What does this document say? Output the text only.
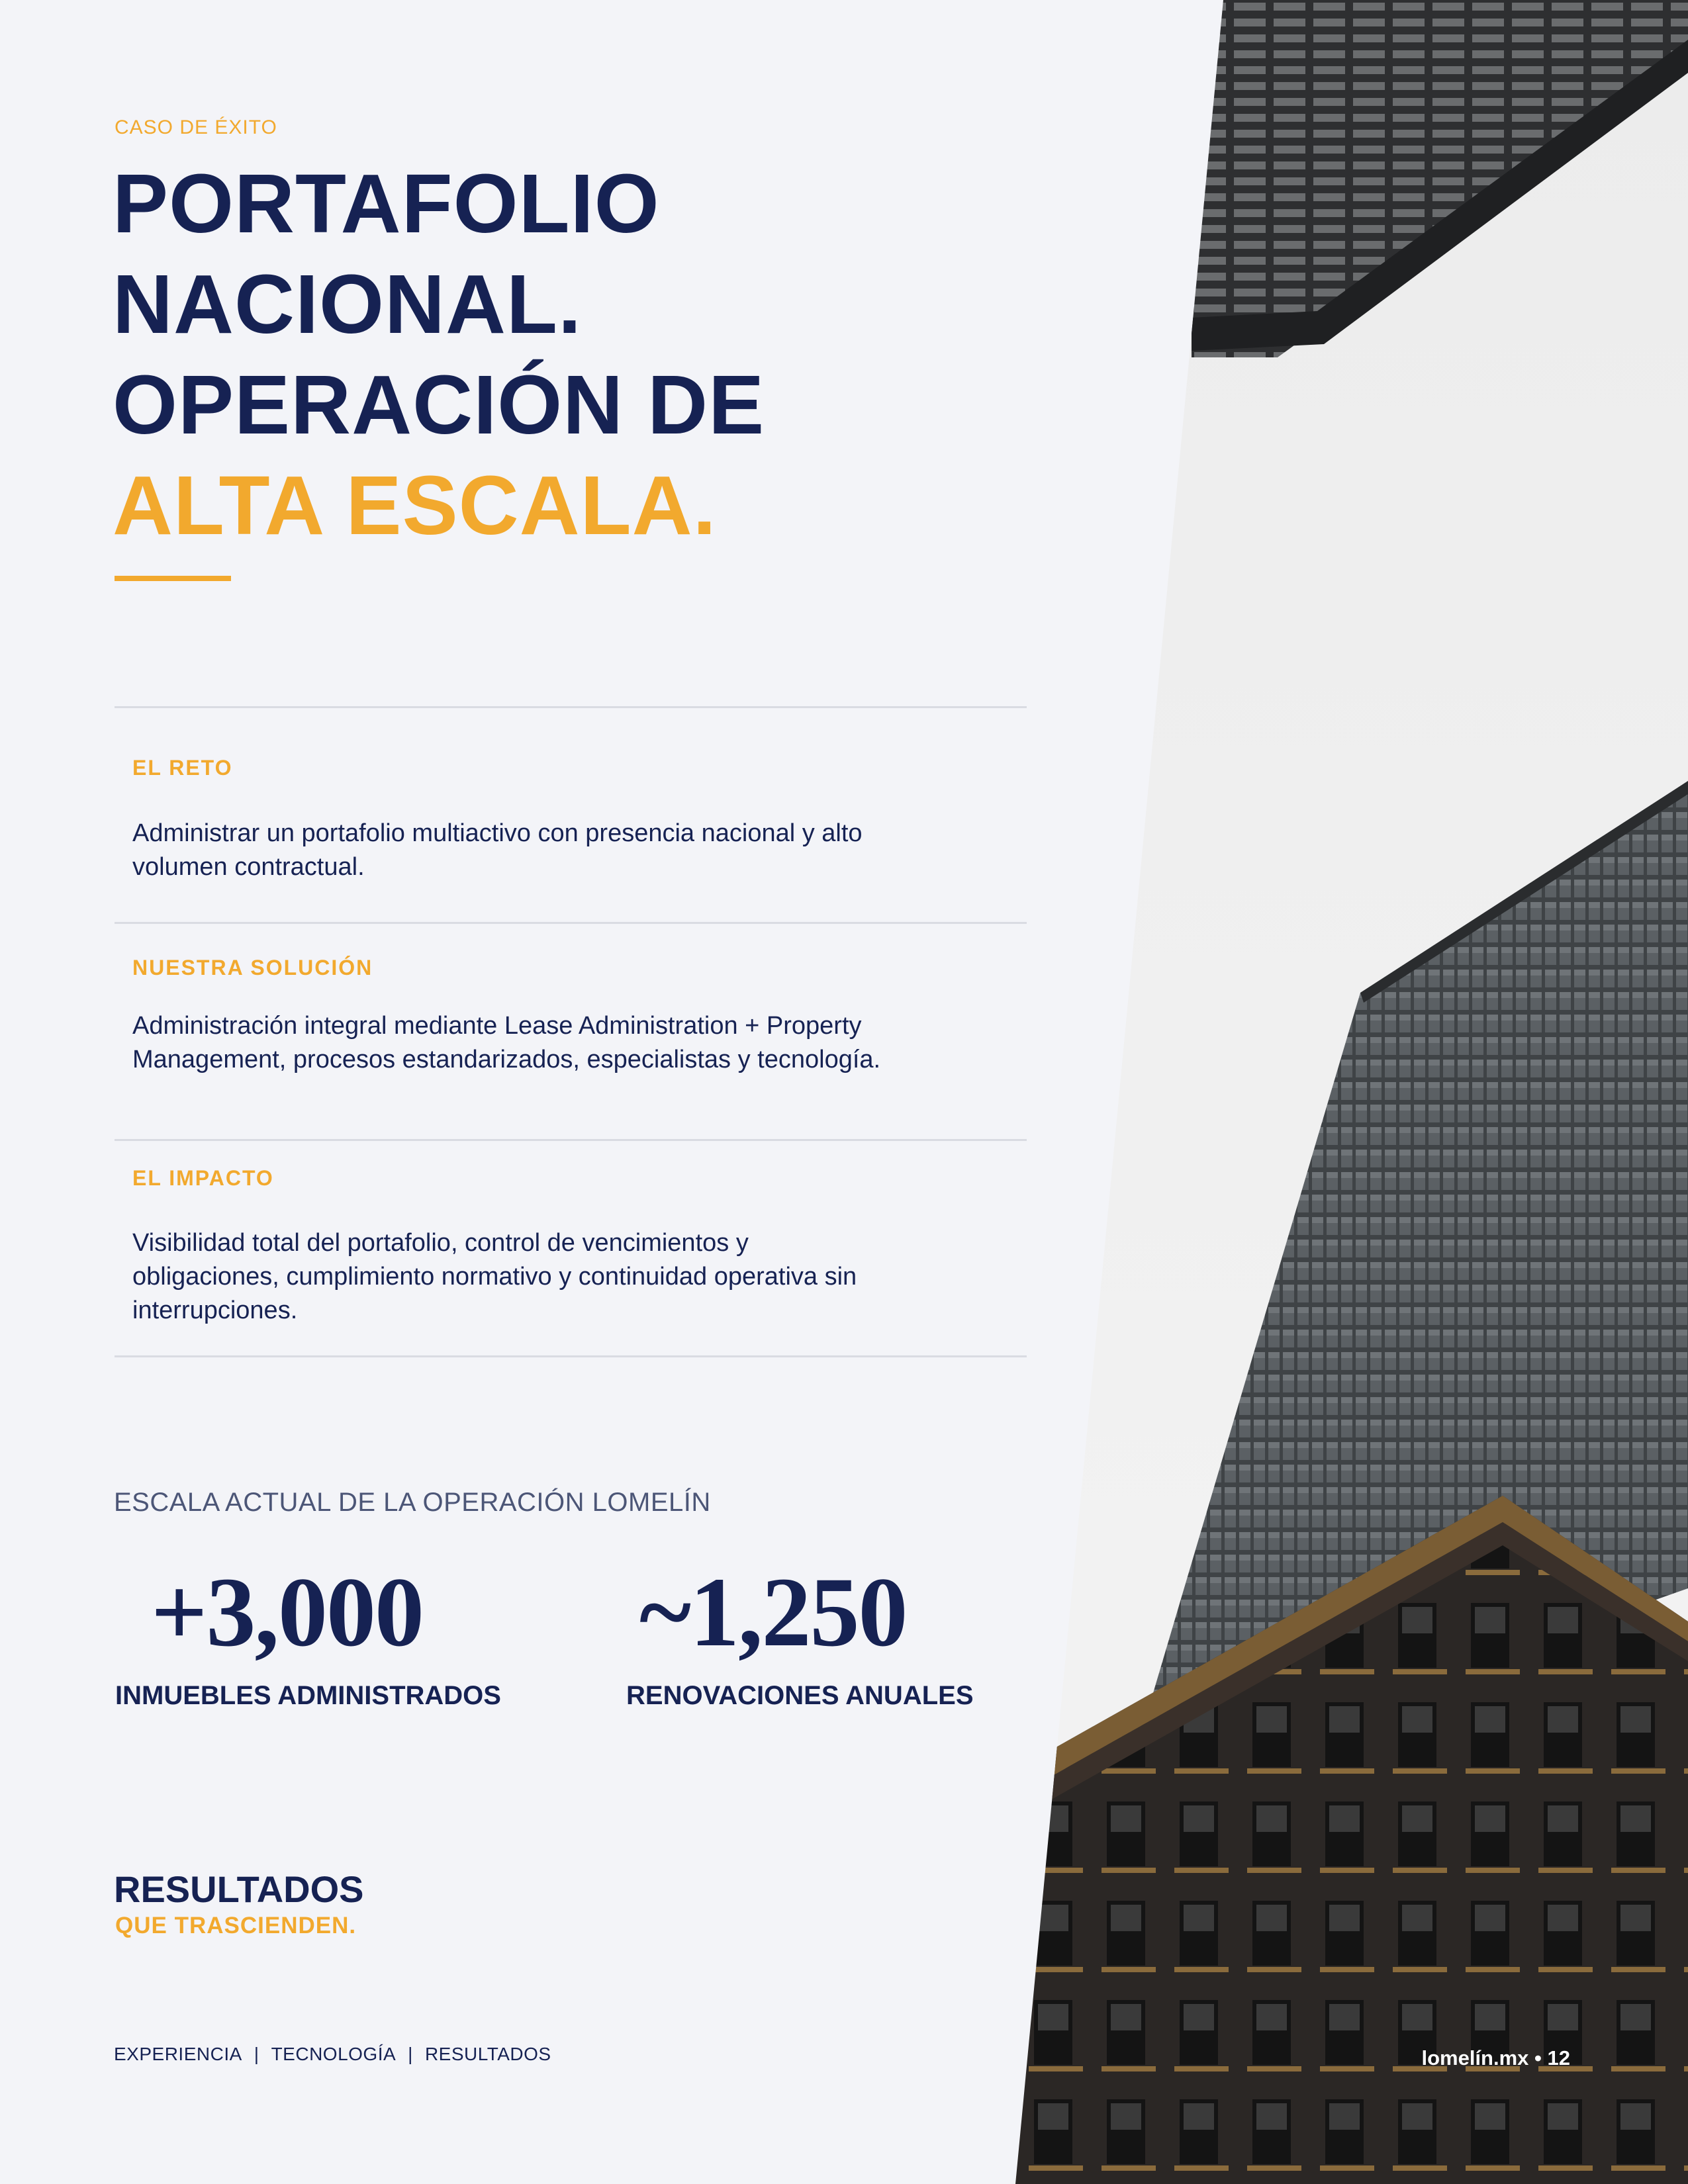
CASO DE ÉXITO
PORTAFOLIO
NACIONAL.
OPERACIÓN DE
ALTA ESCALA.
EL RETO
Administrar un portafolio multiactivo con presencia nacional y alto volumen contractual.
NUESTRA SOLUCIÓN
Administración integral mediante Lease Administration + Property Management, procesos estandarizados, especialistas y tecnología.
EL IMPACTO
Visibilidad total del portafolio, control de vencimientos y obligaciones, cumplimiento normativo y continuidad operativa sin interrupciones.
ESCALA ACTUAL DE LA OPERACIÓN LOMELÍN
+3,000
INMUEBLES ADMINISTRADOS
~1,250
RENOVACIONES ANUALES
RESULTADOS
QUE TRASCIENDEN.
EXPERIENCIA | TECNOLOGÍA | RESULTADOS	lomelín.mx • 12
